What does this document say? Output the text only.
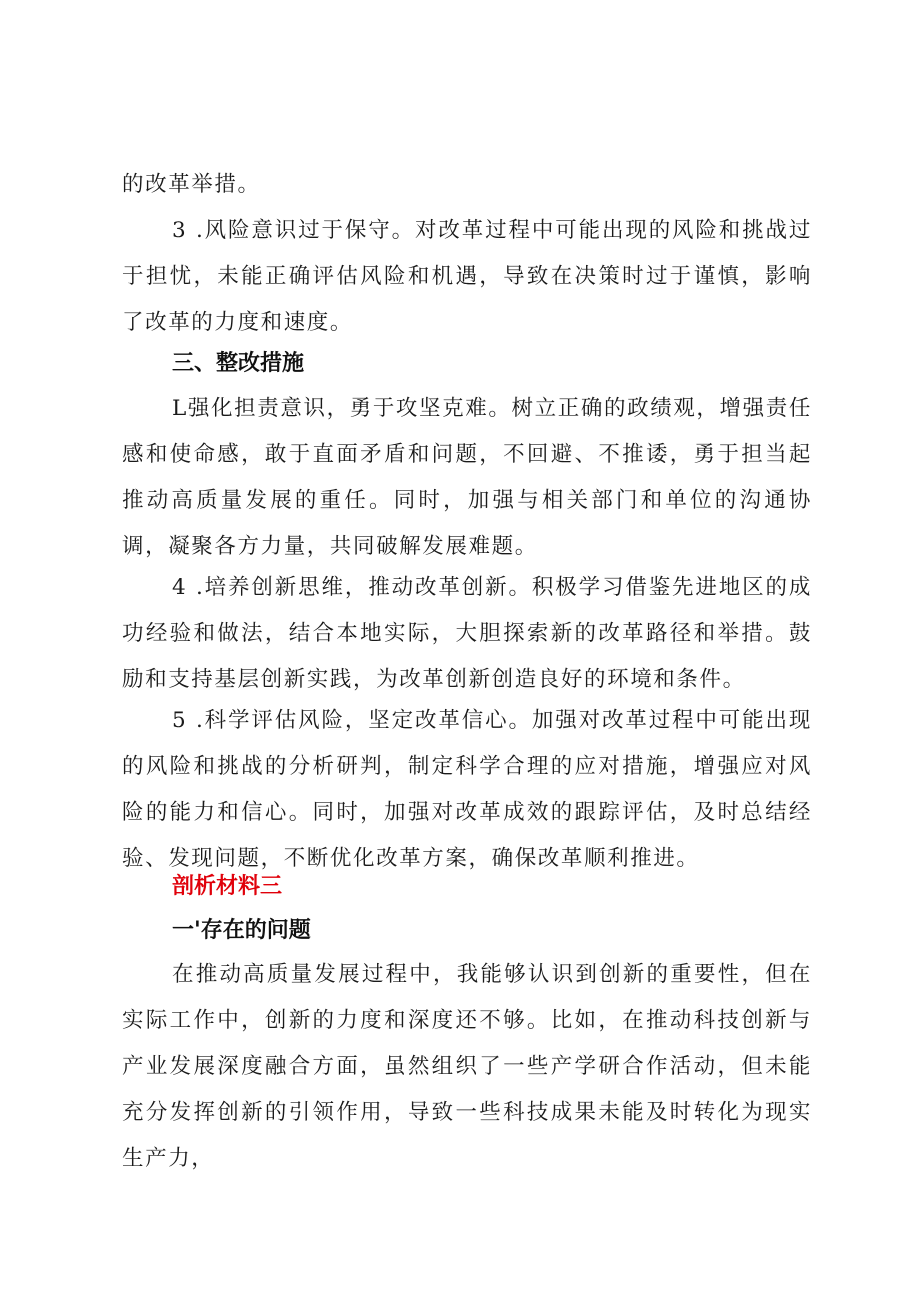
的改革举措。

3 .风险意识过于保守。对改革过程中可能出现的风险和挑战过于担忧，未能正确评估风险和机遇，导致在决策时过于谨慎，影响了改革的力度和速度。

三、整改措施

L强化担责意识，勇于攻坚克难。树立正确的政绩观，增强责任感和使命感，敢于直面矛盾和问题，不回避、不推诿，勇于担当起推动高质量发展的重任。同时，加强与相关部门和单位的沟通协调，凝聚各方力量，共同破解发展难题。

4 .培养创新思维，推动改革创新。积极学习借鉴先进地区的成功经验和做法，结合本地实际，大胆探索新的改革路径和举措。鼓励和支持基层创新实践，为改革创新创造良好的环境和条件。

5 .科学评估风险，坚定改革信心。加强对改革过程中可能出现的风险和挑战的分析研判，制定科学合理的应对措施，增强应对风险的能力和信心。同时，加强对改革成效的跟踪评估，及时总结经验、发现问题，不断优化改革方案，确保改革顺利推进。

剖析材料三
一'存在的问题

在推动高质量发展过程中，我能够认识到创新的重要性，但在实际工作中，创新的力度和深度还不够。比如，在推动科技创新与产业发展深度融合方面，虽然组织了一些产学研合作活动，但未能充分发挥创新的引领作用，导致一些科技成果未能及时转化为现实生产力，
